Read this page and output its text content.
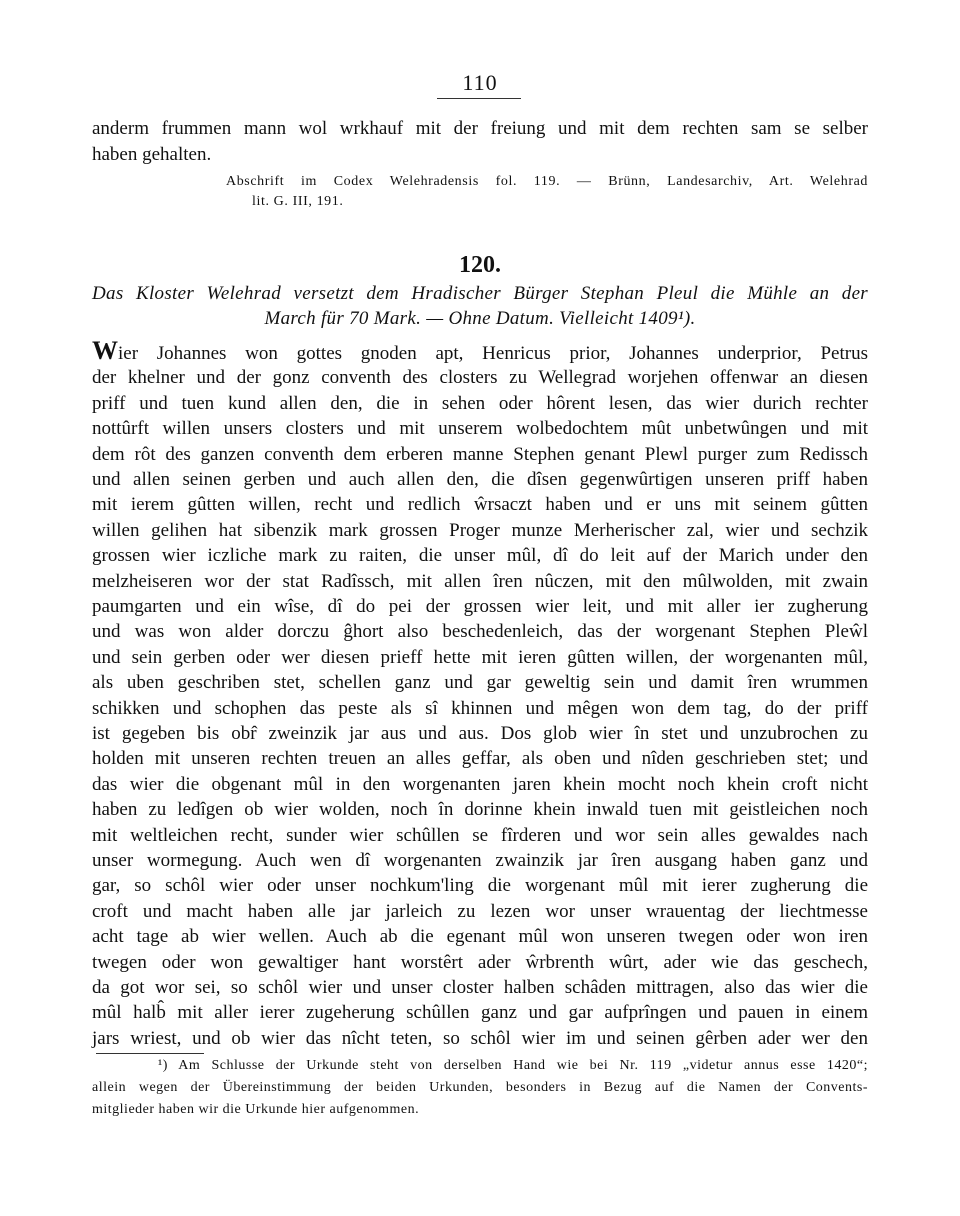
110
anderm frummen mann wol wrkhauf mit der freiung und mit dem rechten sam se selber
haben gehalten.
Abschrift im Codex Welehradensis fol. 119. — Brünn, Landesarchiv, Art. Welehrad
lit. G. III, 191.
120.
Das Kloster Welehrad versetzt dem Hradischer Bürger Stephan Pleul die Mühle an der
March für 70 Mark. — Ohne Datum. Vielleicht 1409¹).
Wier Johannes won gottes gnoden apt, Henricus prior, Johannes underprior, Petrus
der khelner und der gonz conventh des closters zu Wellegrad worjehen offenwar an diesen
priff und tuen kund allen den, die in sehen oder hôrent lesen, das wier durich rechter
nottûrft willen unsers closters und mit unserem wolbedochtem mût unbetwûngen und mit
dem rôt des ganzen conventh dem erberen manne Stephen genant Plewl purger zum Redissch
und allen seinen gerben und auch allen den, die dîsen gegenwûrtigen unseren priff haben
mit ierem gûtten willen, recht und redlich ŵrsaczt haben und er uns mit seinem gûtten
willen gelihen hat sibenzik mark grossen Proger munze Merherischer zal, wier und sechzik
grossen wier iczliche mark zu raiten, die unser mûl, dî do leit auf der Marich under den
melzheiseren wor der stat Radîssch, mit allen îren nûczen, mit den mûlwolden, mit zwain
paumgarten und ein wîse, dî do pei der grossen wier leit, und mit aller ier zugherung
und was won alder dorczu ĝhort also beschedenleich, das der worgenant Stephen Pleŵl
und sein gerben oder wer diesen prieff hette mit ieren gûtten willen, der worgenanten mûl,
als uben geschriben stet, schellen ganz und gar geweltig sein und damit îren wrummen
schikken und schophen das peste als sî khinnen und mêgen won dem tag, do der priff
ist gegeben bis obr̂ zweinzik jar aus und aus. Dos glob wier în stet und unzubrochen zu
holden mit unseren rechten treuen an alles geffar, als oben und nîden geschrieben stet; und
das wier die obgenant mûl in den worgenanten jaren khein mocht noch khein croft nicht
haben zu ledîgen ob wier wolden, noch în dorinne khein inwald tuen mit geistleichen noch
mit weltleichen recht, sunder wier schûllen se fîrderen und wor sein alles gewaldes nach
unser wormegung. Auch wen dî worgenanten zwainzik jar îren ausgang haben ganz und
gar, so schôl wier oder unser nochkum'ling die worgenant mûl mit ierer zugherung die
croft und macht haben alle jar jarleich zu lezen wor unser wrauentag der liechtmesse
acht tage ab wier wellen. Auch ab die egenant mûl won unseren twegen oder won iren
twegen oder won gewaltiger hant worstêrt ader ŵrbrenth wûrt, ader wie das geschech,
da got wor sei, so schôl wier und unser closter halben schâden mittragen, also das wier die
mûl halb̂ mit aller ierer zugeherung schûllen ganz und gar aufprîngen und pauen in einem
jars wriest, und ob wier das nîcht teten, so schôl wier im und seinen gêrben ader wer den
¹) Am Schlusse der Urkunde steht von derselben Hand wie bei Nr. 119 „videtur annus esse 1420“;
allein wegen der Übereinstimmung der beiden Urkunden, besonders in Bezug auf die Namen der Convents-
mitglieder haben wir die Urkunde hier aufgenommen.
